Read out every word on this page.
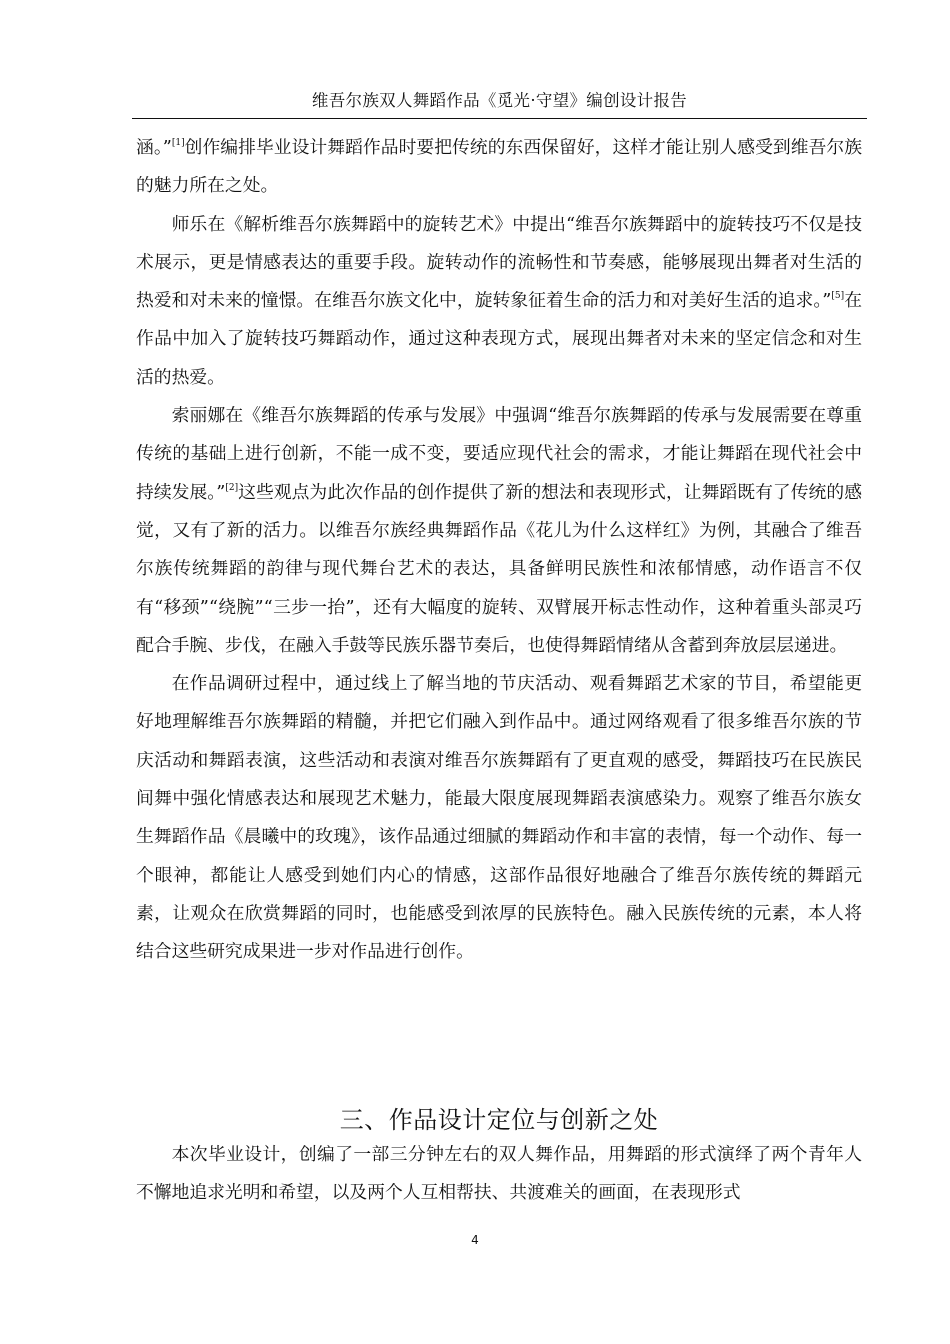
维吾尔族双人舞蹈作品《觅光·守望》编创设计报告

涵。”[1]创作编排毕业设计舞蹈作品时要把传统的东西保留好，这样才能让别人感受到维吾尔族的魅力所在之处。

师乐在《解析维吾尔族舞蹈中的旋转艺术》中提出“维吾尔族舞蹈中的旋转技巧不仅是技术展示，更是情感表达的重要手段。旋转动作的流畅性和节奏感，能够展现出舞者对生活的热爱和对未来的憧憬。在维吾尔族文化中，旋转象征着生命的活力和对美好生活的追求。”[5]在作品中加入了旋转技巧舞蹈动作，通过这种表现方式，展现出舞者对未来的坚定信念和对生活的热爱。

索丽娜在《维吾尔族舞蹈的传承与发展》中强调“维吾尔族舞蹈的传承与发展需要在尊重传统的基础上进行创新，不能一成不变，要适应现代社会的需求，才能让舞蹈在现代社会中持续发展。”[2]这些观点为此次作品的创作提供了新的想法和表现形式，让舞蹈既有了传统的感觉，又有了新的活力。以维吾尔族经典舞蹈作品《花儿为什么这样红》为例，其融合了维吾尔族传统舞蹈的韵律与现代舞台艺术的表达，具备鲜明民族性和浓郁情感，动作语言不仅有“移颈”“绕腕”“三步一抬”，还有大幅度的旋转、双臂展开标志性动作，这种着重头部灵巧配合手腕、步伐，在融入手鼓等民族乐器节奏后，也使得舞蹈情绪从含蓄到奔放层层递进。

在作品调研过程中，通过线上了解当地的节庆活动、观看舞蹈艺术家的节目，希望能更好地理解维吾尔族舞蹈的精髓，并把它们融入到作品中。通过网络观看了很多维吾尔族的节庆活动和舞蹈表演，这些活动和表演对维吾尔族舞蹈有了更直观的感受，舞蹈技巧在民族民间舞中强化情感表达和展现艺术魅力，能最大限度展现舞蹈表演感染力。观察了维吾尔族女生舞蹈作品《晨曦中的玫瑰》，该作品通过细腻的舞蹈动作和丰富的表情，每一个动作、每一个眼神，都能让人感受到她们内心的情感，这部作品很好地融合了维吾尔族传统的舞蹈元素，让观众在欣赏舞蹈的同时，也能感受到浓厚的民族特色。融入民族传统的元素，本人将结合这些研究成果进一步对作品进行创作。

三、作品设计定位与创新之处

本次毕业设计，创编了一部三分钟左右的双人舞作品，用舞蹈的形式演绎了两个青年人不懈地追求光明和希望，以及两个人互相帮扶、共渡难关的画面，在表现形式

4
